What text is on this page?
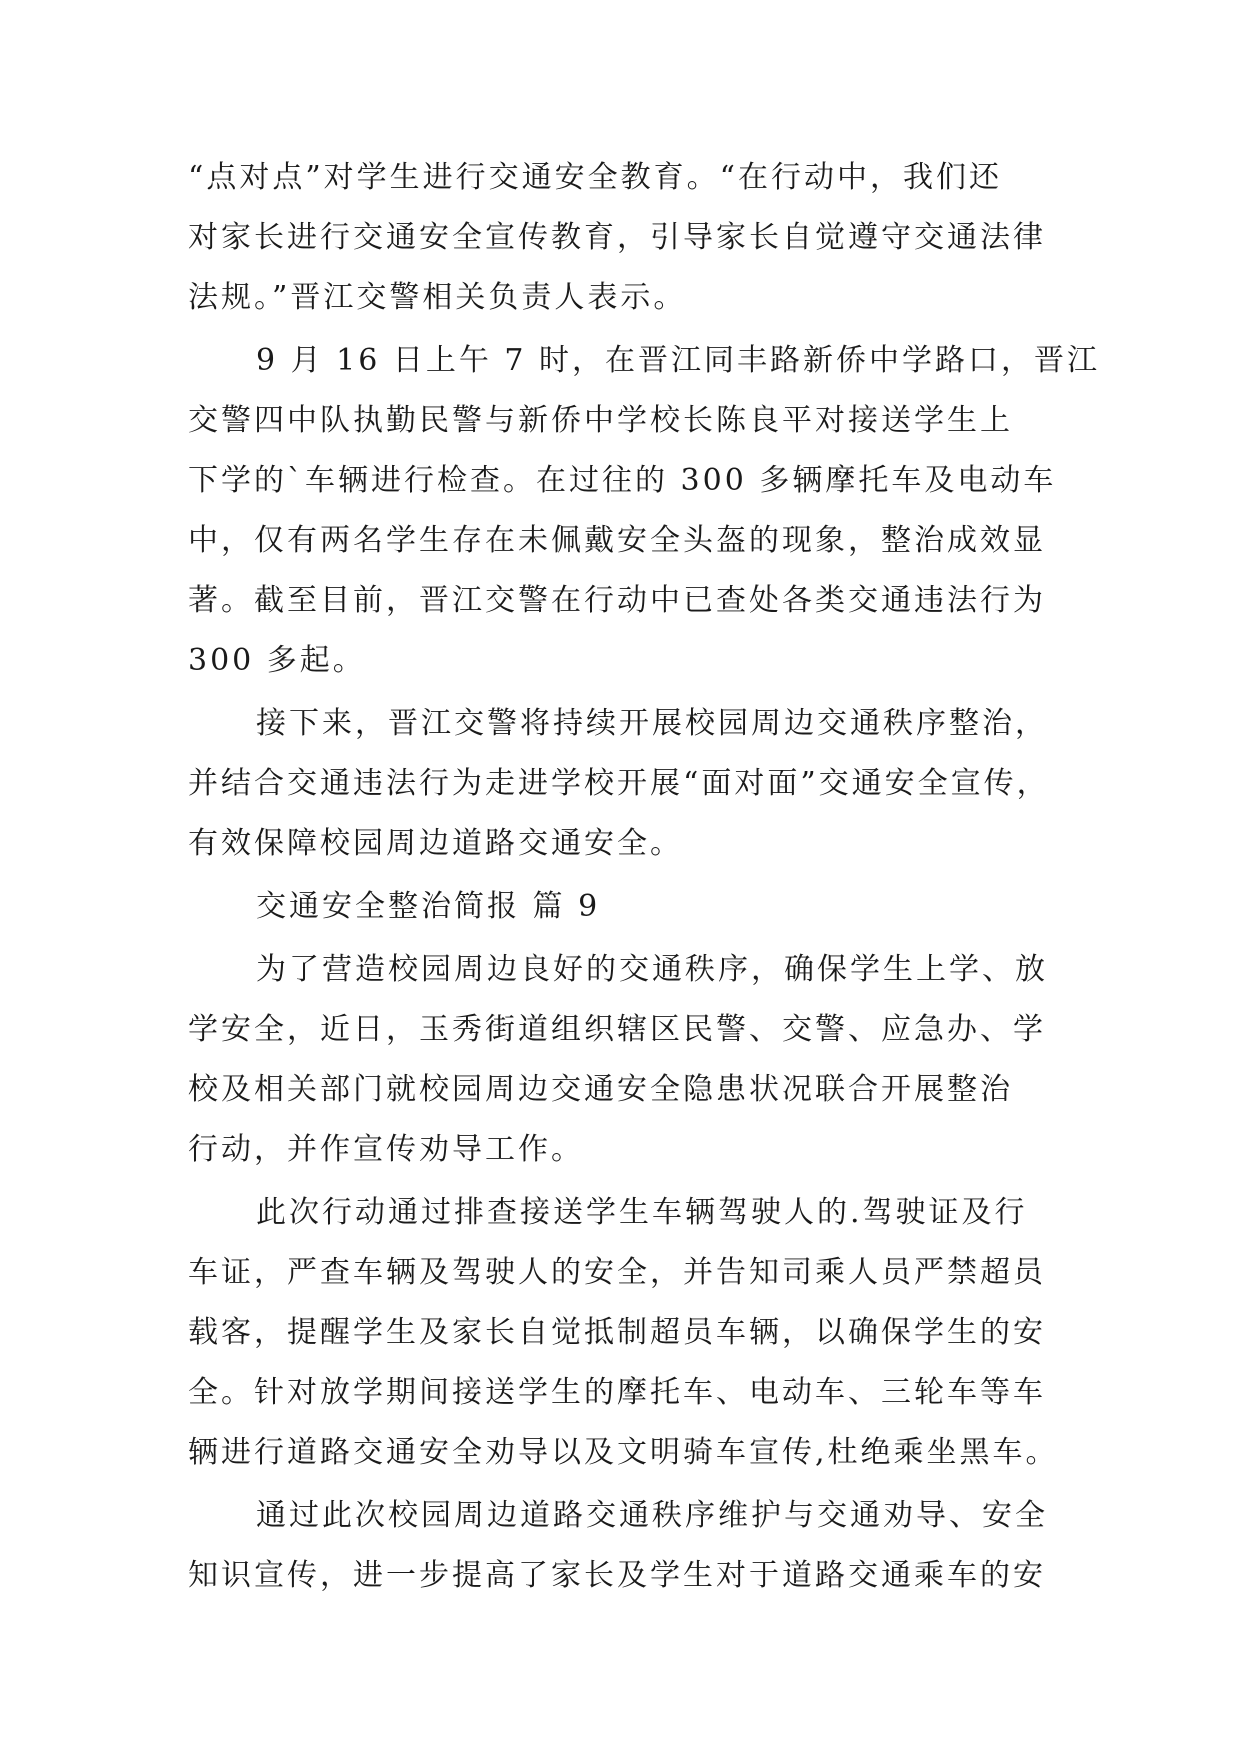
“点对点”对学生进行交通安全教育。“在行动中，我们还
对家长进行交通安全宣传教育，引导家长自觉遵守交通法律
法规。”晋江交警相关负责人表示。
9 月 16 日上午 7 时，在晋江同丰路新侨中学路口，晋江
交警四中队执勤民警与新侨中学校长陈良平对接送学生上
下学的`车辆进行检查。在过往的 300 多辆摩托车及电动车
中，仅有两名学生存在未佩戴安全头盔的现象，整治成效显
著。截至目前，晋江交警在行动中已查处各类交通违法行为
300 多起。
接下来，晋江交警将持续开展校园周边交通秩序整治，
并结合交通违法行为走进学校开展“面对面”交通安全宣传，
有效保障校园周边道路交通安全。
交通安全整治简报 篇 9
为了营造校园周边良好的交通秩序，确保学生上学、放
学安全，近日，玉秀街道组织辖区民警、交警、应急办、学
校及相关部门就校园周边交通安全隐患状况联合开展整治
行动，并作宣传劝导工作。
此次行动通过排查接送学生车辆驾驶人的.驾驶证及行
车证，严查车辆及驾驶人的安全，并告知司乘人员严禁超员
载客，提醒学生及家长自觉抵制超员车辆，以确保学生的安
全。针对放学期间接送学生的摩托车、电动车、三轮车等车
辆进行道路交通安全劝导以及文明骑车宣传,杜绝乘坐黑车。
通过此次校园周边道路交通秩序维护与交通劝导、安全
知识宣传，进一步提高了家长及学生对于道路交通乘车的安
